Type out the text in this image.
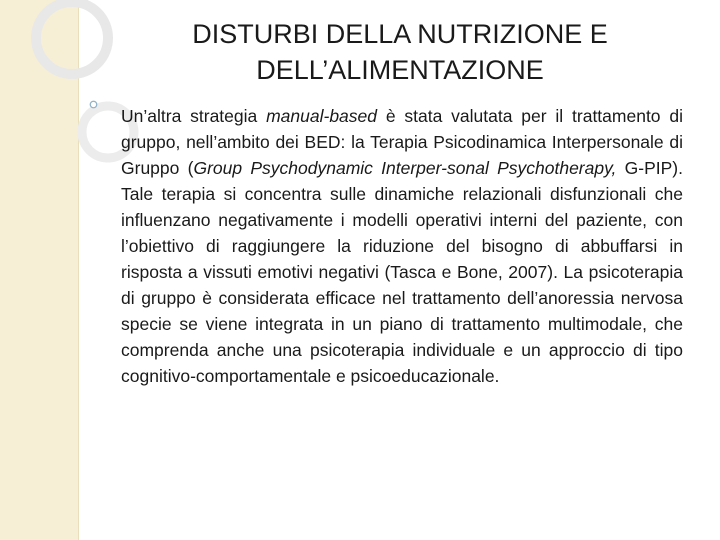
DISTURBI DELLA NUTRIZIONE E
DELL’ALIMENTAZIONE

Un’altra strategia manual-based è stata valutata per il trattamento di gruppo, nell’ambito dei BED: la Terapia Psicodinamica Interpersonale di Gruppo (Group Psychodynamic Interper-sonal Psychotherapy, G-PIP). Tale terapia si concentra sulle dinamiche relazionali disfunzionali che influenzano negativamente i modelli operativi interni del paziente, con l’obiettivo di raggiungere la riduzione del bisogno di abbuffarsi in risposta a vissuti emotivi negativi (Tasca e Bone, 2007). La psicoterapia di gruppo è considerata efficace nel trattamento dell’anoressia nervosa specie se viene integrata in un piano di trattamento multimodale, che comprenda anche una psicoterapia individuale e un approccio di tipo cognitivo-comportamentale e psicoeducazionale.
